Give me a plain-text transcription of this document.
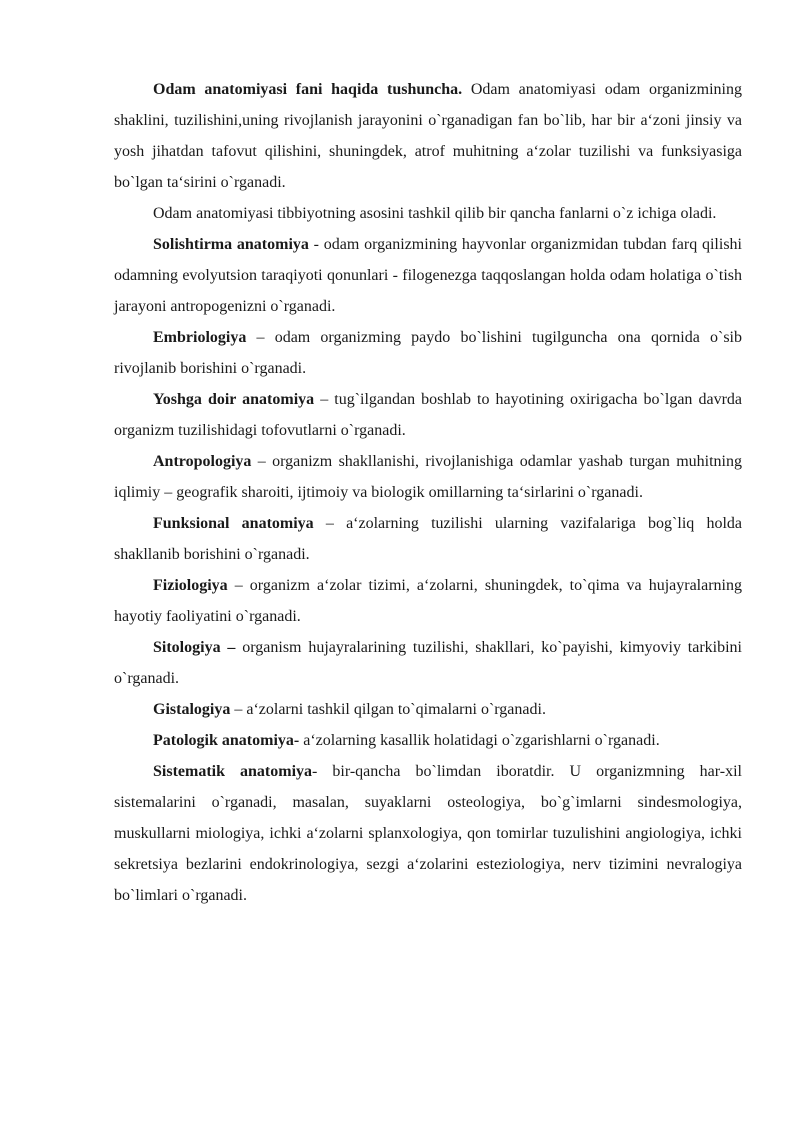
Odam anatomiyasi fani haqida tushuncha. Odam anatomiyasi odam organizmining shaklini, tuzilishini,uning rivojlanish jarayonini o`rganadigan fan bo`lib, har bir a‘zoni jinsiy va yosh jihatdan tafovut qilishini, shuningdek, atrof muhitning a‘zolar tuzilishi va funksiyasiga bo`lgan ta‘sirini o`rganadi.

Odam anatomiyasi tibbiyotning asosini tashkil qilib bir qancha fanlarni o`z ichiga oladi.

Solishtirma anatomiya - odam organizmining hayvonlar organizmidan tubdan farq qilishi odamning evolyutsion taraqiyoti qonunlari - filogenezga taqqoslangan holda odam holatiga o`tish jarayoni antropogenizni o`rganadi.

Embriologiya – odam organizming paydo bo`lishini tugilguncha ona qornida o`sib rivojlanib borishini o`rganadi.

Yoshga doir anatomiya – tug`ilgandan boshlab to hayotining oxirigacha bo`lgan davrda organizm tuzilishidagi tofovutlarni o`rganadi.

Antropologiya – organizm shakllanishi, rivojlanishiga odamlar yashab turgan muhitning iqlimiy – geografik sharoiti, ijtimoiy va biologik omillarning ta‘sirlarini o`rganadi.

Funksional anatomiya – a‘zolarning tuzilishi ularning vazifalariga bog`liq holda shakllanib borishini o`rganadi.

Fiziologiya – organizm a‘zolar tizimi, a‘zolarni, shuningdek, to`qima va hujayralarning hayotiy faoliyatini o`rganadi.

Sitologiya – organism hujayralarining tuzilishi, shakllari, ko`payishi, kimyoviy tarkibini o`rganadi.

Gistalogiya – a‘zolarni tashkil qilgan to`qimalarni o`rganadi.

Patologik anatomiya- a‘zolarning kasallik holatidagi o`zgarishlarni o`rganadi.

Sistematik anatomiya- bir-qancha bo`limdan iboratdir. U organizmning har-xil sistemalarini o`rganadi, masalan, suyaklarni osteologiya, bo`g`imlarni sindesmologiya, muskullarni miologiya, ichki a‘zolarni splanxologiya, qon tomirlar tuzulishini angiologiya, ichki sekretsiya bezlarini endokrinologiya, sezgi a‘zolarini esteziologiya, nerv tizimini nevralogiya bo`limlari o`rganadi.
